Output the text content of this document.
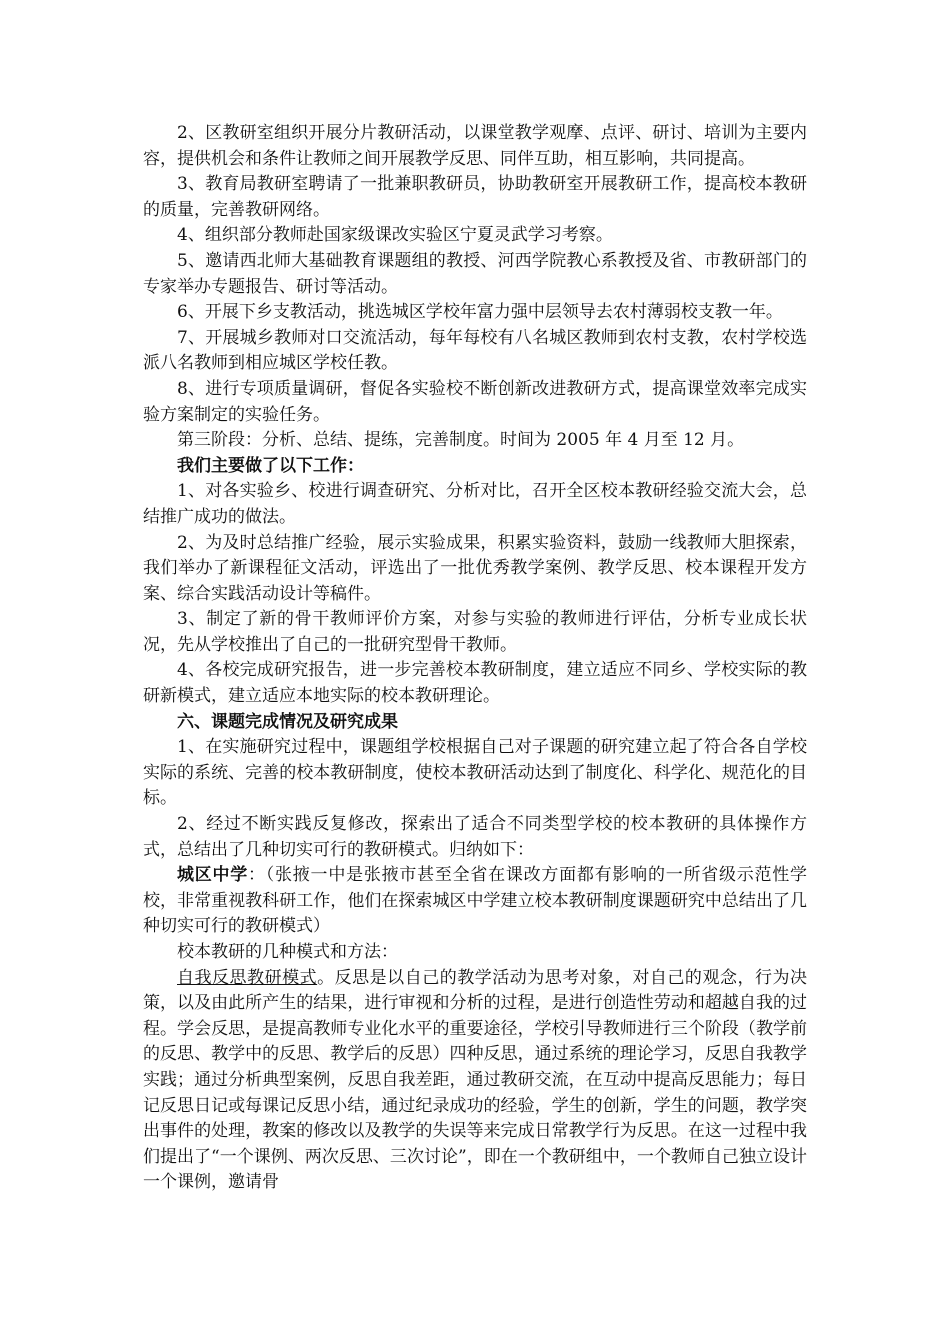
2、区教研室组织开展分片教研活动，以课堂教学观摩、点评、研讨、培训为主要内容，提供机会和条件让教师之间开展教学反思、同伴互助，相互影响，共同提高。

3、教育局教研室聘请了一批兼职教研员，协助教研室开展教研工作，提高校本教研的质量，完善教研网络。

4、组织部分教师赴国家级课改实验区宁夏灵武学习考察。

5、邀请西北师大基础教育课题组的教授、河西学院教心系教授及省、市教研部门的专家举办专题报告、研讨等活动。

6、开展下乡支教活动，挑选城区学校年富力强中层领导去农村薄弱校支教一年。

7、开展城乡教师对口交流活动，每年每校有八名城区教师到农村支教，农村学校选派八名教师到相应城区学校任教。

8、进行专项质量调研，督促各实验校不断创新改进教研方式，提高课堂效率完成实验方案制定的实验任务。

第三阶段：分析、总结、提练，完善制度。时间为 2005 年 4 月至 12 月。

我们主要做了以下工作：

1、对各实验乡、校进行调查研究、分析对比，召开全区校本教研经验交流大会，总结推广成功的做法。

2、为及时总结推广经验，展示实验成果，积累实验资料，鼓励一线教师大胆探索，我们举办了新课程征文活动，评选出了一批优秀教学案例、教学反思、校本课程开发方案、综合实践活动设计等稿件。

3、制定了新的骨干教师评价方案，对参与实验的教师进行评估，分析专业成长状况，先从学校推出了自己的一批研究型骨干教师。

4、各校完成研究报告，进一步完善校本教研制度，建立适应不同乡、学校实际的教研新模式，建立适应本地实际的校本教研理论。

六、课题完成情况及研究成果

1、在实施研究过程中，课题组学校根据自己对子课题的研究建立起了符合各自学校实际的系统、完善的校本教研制度，使校本教研活动达到了制度化、科学化、规范化的目标。

2、经过不断实践反复修改，探索出了适合不同类型学校的校本教研的具体操作方式，总结出了几种切实可行的教研模式。归纳如下：

城区中学：（张掖一中是张掖市甚至全省在课改方面都有影响的一所省级示范性学校，非常重视教科研工作，他们在探索城区中学建立校本教研制度课题研究中总结出了几种切实可行的教研模式）

校本教研的几种模式和方法：

自我反思教研模式。反思是以自己的教学活动为思考对象，对自己的观念，行为决策，以及由此所产生的结果，进行审视和分析的过程，是进行创造性劳动和超越自我的过程。学会反思，是提高教师专业化水平的重要途径，学校引导教师进行三个阶段（教学前的反思、教学中的反思、教学后的反思）四种反思，通过系统的理论学习，反思自我教学实践；通过分析典型案例，反思自我差距，通过教研交流，在互动中提高反思能力；每日记反思日记或每课记反思小结，通过纪录成功的经验，学生的创新，学生的问题，教学突出事件的处理，教案的修改以及教学的失误等来完成日常教学行为反思。在这一过程中我们提出了“一个课例、两次反思、三次讨论”，即在一个教研组中，一个教师自己独立设计一个课例，邀请骨
